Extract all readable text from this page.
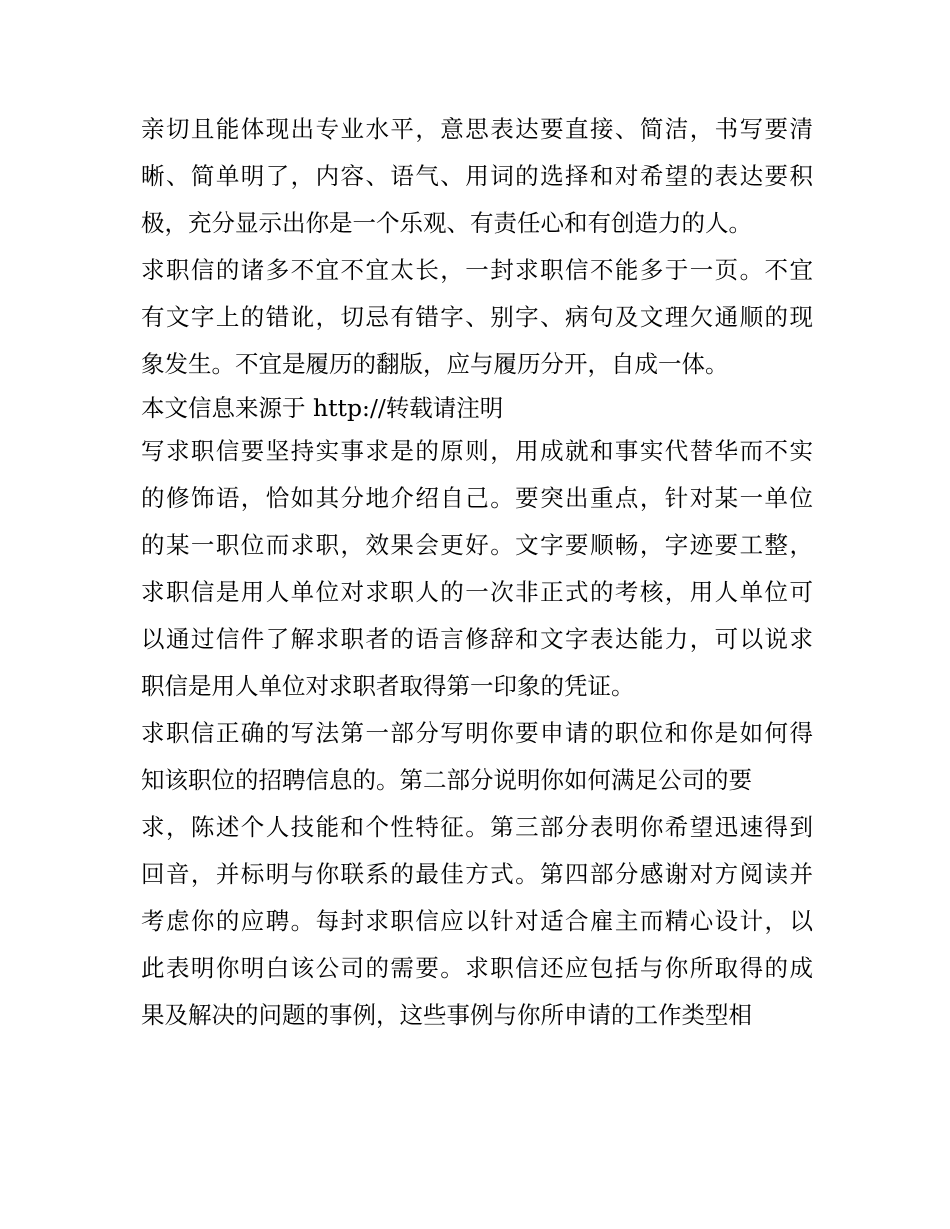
亲切且能体现出专业水平，意思表达要直接、简洁，书写要清
晰、简单明了，内容、语气、用词的选择和对希望的表达要积
极，充分显示出你是一个乐观、有责任心和有创造力的人。
求职信的诸多不宜不宜太长，一封求职信不能多于一页。不宜
有文字上的错讹，切忌有错字、别字、病句及文理欠通顺的现
象发生。不宜是履历的翻版，应与履历分开，自成一体。
本文信息来源于 http://转载请注明
写求职信要坚持实事求是的原则，用成就和事实代替华而不实
的修饰语，恰如其分地介绍自己。要突出重点，针对某一单位
的某一职位而求职，效果会更好。文字要顺畅，字迹要工整，
求职信是用人单位对求职人的一次非正式的考核，用人单位可
以通过信件了解求职者的语言修辞和文字表达能力，可以说求
职信是用人单位对求职者取得第一印象的凭证。
求职信正确的写法第一部分写明你要申请的职位和你是如何得
知该职位的招聘信息的。第二部分说明你如何满足公司的要
求，陈述个人技能和个性特征。第三部分表明你希望迅速得到
回音，并标明与你联系的最佳方式。第四部分感谢对方阅读并
考虑你的应聘。每封求职信应以针对适合雇主而精心设计，以
此表明你明白该公司的需要。求职信还应包括与你所取得的成
果及解决的问题的事例，这些事例与你所申请的工作类型相
